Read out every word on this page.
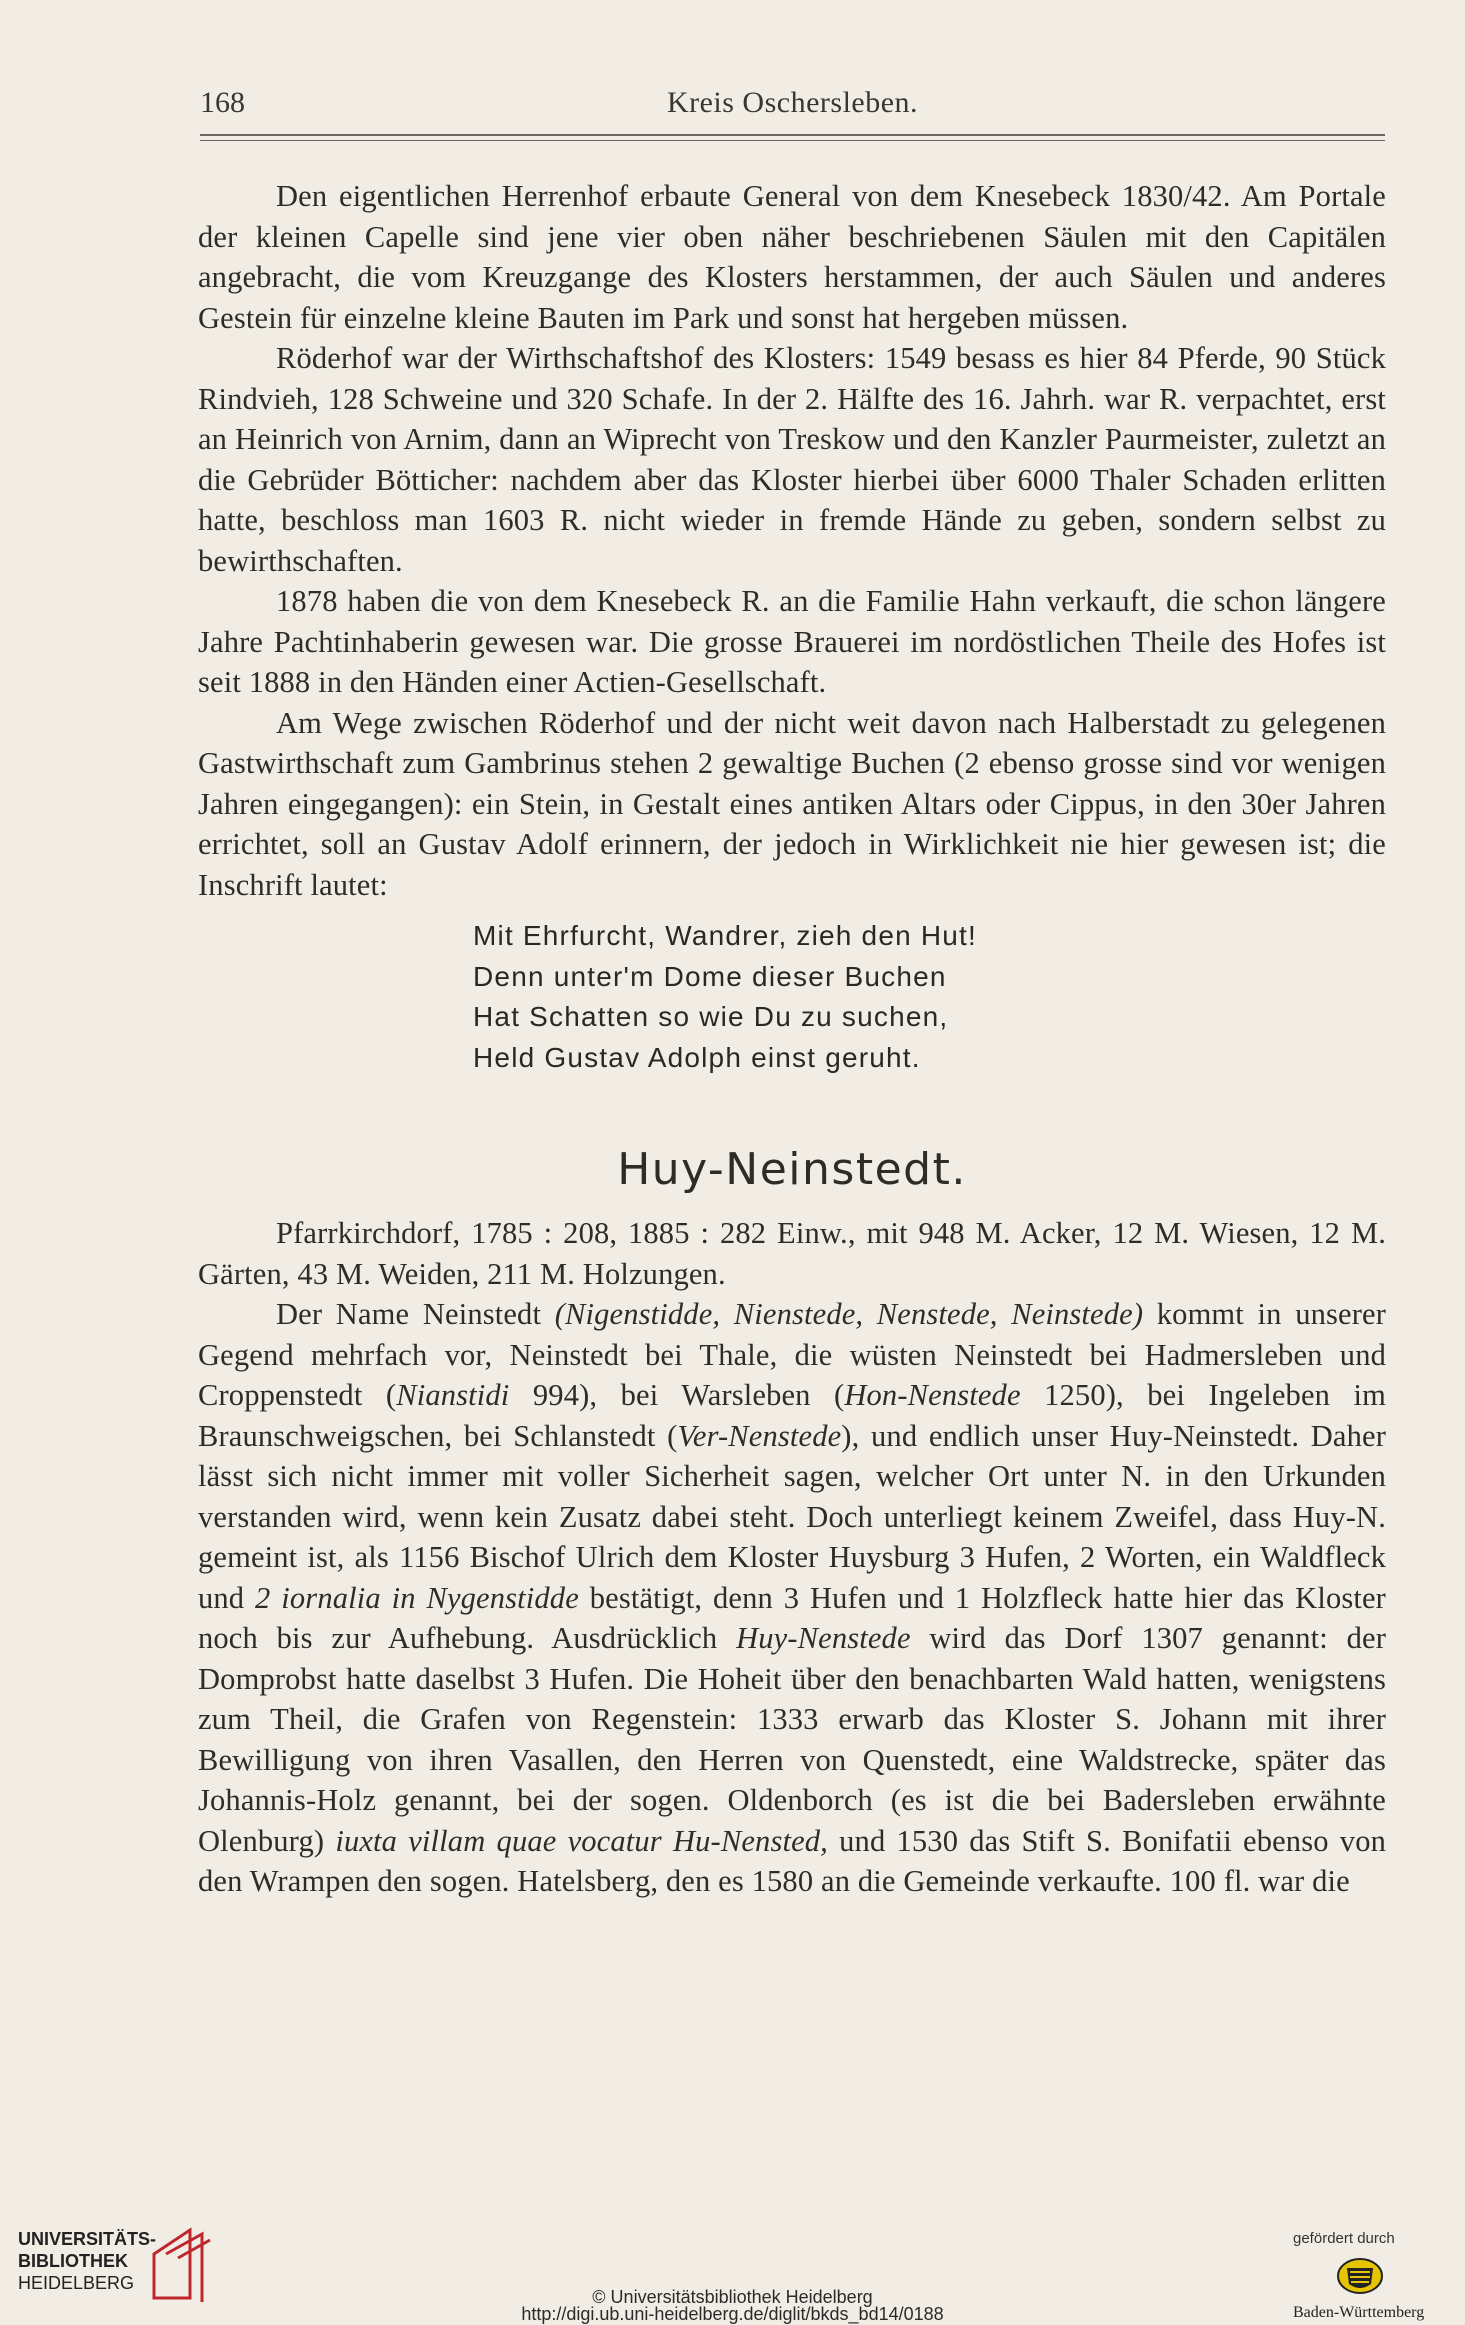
168	Kreis Oschersleben.

Den eigentlichen Herrenhof erbaute General von dem Knesebeck 1830/42. Am Portale der kleinen Capelle sind jene vier oben näher beschriebenen Säulen mit den Capitälen angebracht, die vom Kreuzgange des Klosters herstammen, der auch Säulen und anderes Gestein für einzelne kleine Bauten im Park und sonst hat hergeben müssen.

Röderhof war der Wirthschaftshof des Klosters: 1549 besass es hier 84 Pferde, 90 Stück Rindvieh, 128 Schweine und 320 Schafe. In der 2. Hälfte des 16. Jahrh. war R. verpachtet, erst an Heinrich von Arnim, dann an Wiprecht von Treskow und den Kanzler Paurmeister, zuletzt an die Gebrüder Bötticher: nachdem aber das Kloster hierbei über 6000 Thaler Schaden erlitten hatte, beschloss man 1603 R. nicht wieder in fremde Hände zu geben, sondern selbst zu bewirthschaften.

1878 haben die von dem Knesebeck R. an die Familie Hahn verkauft, die schon längere Jahre Pachtinhaberin gewesen war. Die grosse Brauerei im nordöstlichen Theile des Hofes ist seit 1888 in den Händen einer Actien-Gesellschaft.

Am Wege zwischen Röderhof und der nicht weit davon nach Halberstadt zu gelegenen Gastwirthschaft zum Gambrinus stehen 2 gewaltige Buchen (2 ebenso grosse sind vor wenigen Jahren eingegangen): ein Stein, in Gestalt eines antiken Altars oder Cippus, in den 30er Jahren errichtet, soll an Gustav Adolf erinnern, der jedoch in Wirklichkeit nie hier gewesen ist; die Inschrift lautet:

Mit Ehrfurcht, Wandrer, zieh den Hut!
Denn unter'm Dome dieser Buchen
Hat Schatten so wie Du zu suchen,
Held Gustav Adolph einst geruht.
Huy-Neinstedt.

Pfarrkirchdorf, 1785 : 208, 1885 : 282 Einw., mit 948 M. Acker, 12 M. Wiesen, 12 M. Gärten, 43 M. Weiden, 211 M. Holzungen.

Der Name Neinstedt (Nigenstidde, Nienstede, Nenstede, Neinstede) kommt in unserer Gegend mehrfach vor, Neinstedt bei Thale, die wüsten Neinstedt bei Hadmersleben und Croppenstedt (Nianstidi 994), bei Warsleben (Hon-Nenstede 1250), bei Ingeleben im Braunschweigschen, bei Schlanstedt (Ver-Nenstede), und endlich unser Huy-Neinstedt. Daher lässt sich nicht immer mit voller Sicherheit sagen, welcher Ort unter N. in den Urkunden verstanden wird, wenn kein Zusatz dabei steht. Doch unterliegt keinem Zweifel, dass Huy-N. gemeint ist, als 1156 Bischof Ulrich dem Kloster Huysburg 3 Hufen, 2 Worten, ein Waldfleck und 2 iornalia in Nygenstidde bestätigt, denn 3 Hufen und 1 Holzfleck hatte hier das Kloster noch bis zur Aufhebung. Ausdrücklich Huy-Nenstede wird das Dorf 1307 genannt: der Domprobst hatte daselbst 3 Hufen. Die Hoheit über den benachbarten Wald hatten, wenigstens zum Theil, die Grafen von Regenstein: 1333 erwarb das Kloster S. Johann mit ihrer Bewilligung von ihren Vasallen, den Herren von Quenstedt, eine Waldstrecke, später das Johannis-Holz genannt, bei der sogen. Oldenborch (es ist die bei Badersleben erwähnte Olenburg) iuxta villam quae vocatur Hu-Nensted, und 1530 das Stift S. Bonifatii ebenso von den Wrampen den sogen. Hatelsberg, den es 1580 an die Gemeinde verkaufte. 100 fl. war die

UNIVERSITÄTS-
BIBLIOTHEK
HEIDELBERG
© Universitätsbibliothek Heidelberg
http://digi.ub.uni-heidelberg.de/diglit/bkds_bd14/0188
gefördert durch
Baden-Württemberg
